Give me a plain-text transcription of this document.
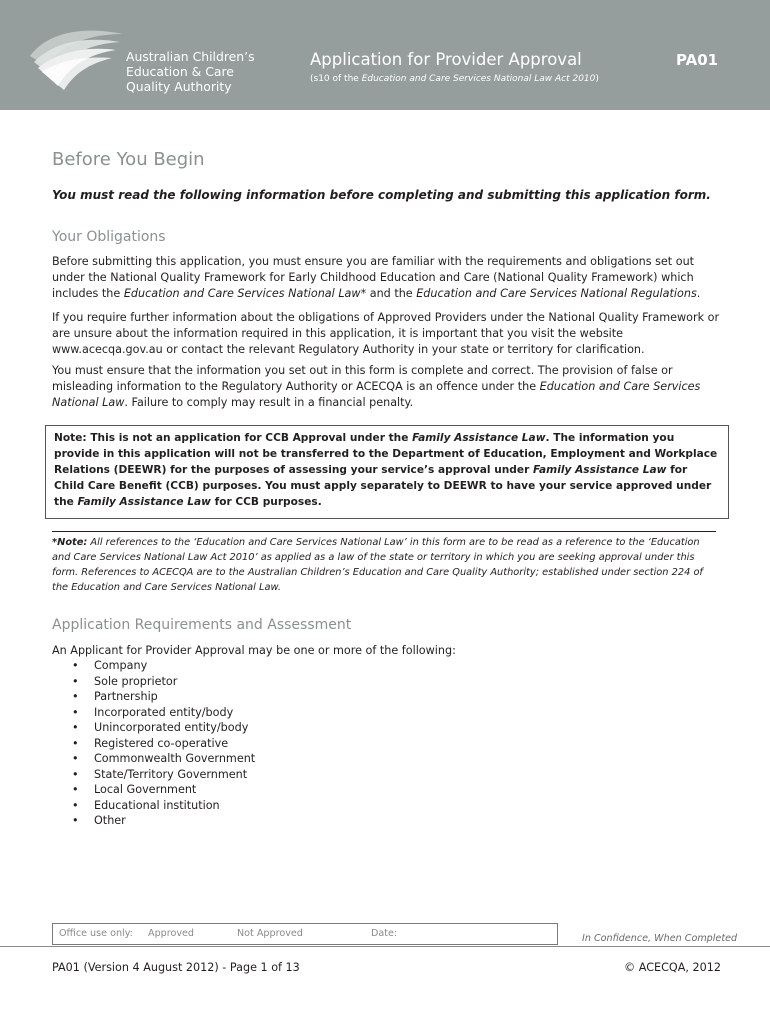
Australian Children’s
Education & Care
Quality Authority
Application for Provider Approval
(s10 of the Education and Care Services National Law Act 2010)
PA01
Before You Begin
You must read the following information before completing and submitting this application form.
Your Obligations

Before submitting this application, you must ensure you are familiar with the requirements and obligations set out under the National Quality Framework for Early Childhood Education and Care (National Quality Framework) which includes the Education and Care Services National Law* and the Education and Care Services National Regulations.

If you require further information about the obligations of Approved Providers under the National Quality Framework or are unsure about the information required in this application, it is important that you visit the website www.acecqa.gov.au or contact the relevant Regulatory Authority in your state or territory for clarification.

You must ensure that the information you set out in this form is complete and correct. The provision of false or misleading information to the Regulatory Authority or ACECQA is an offence under the Education and Care Services National Law. Failure to comply may result in a financial penalty.

Note: This is not an application for CCB Approval under the Family Assistance Law. The information you provide in this application will not be transferred to the Department of Education, Employment and Workplace Relations (DEEWR) for the purposes of assessing your service’s approval under Family Assistance Law for Child Care Benefit (CCB) purposes. You must apply separately to DEEWR to have your service approved under the Family Assistance Law for CCB purposes.
*Note: All references to the ‘Education and Care Services National Law’ in this form are to be read as a reference to the ‘Education and Care Services National Law Act 2010’ as applied as a law of the state or territory in which you are seeking approval under this form. References to ACECQA are to the Australian Children’s Education and Care Quality Authority; established under section 224 of the Education and Care Services National Law.
Application Requirements and Assessment

An Applicant for Provider Approval may be one or more of the following:

• Company
• Sole proprietor
• Partnership
• Incorporated entity/body
• Unincorporated entity/body
• Registered co-operative
• Commonwealth Government
• State/Territory Government
• Local Government
• Educational institution
• Other
Office use only: Approved	Not Approved	Date:	In Confidence, When Completed
PA01 (Version 4 August 2012) - Page 1 of 13	© ACECQA, 2012
